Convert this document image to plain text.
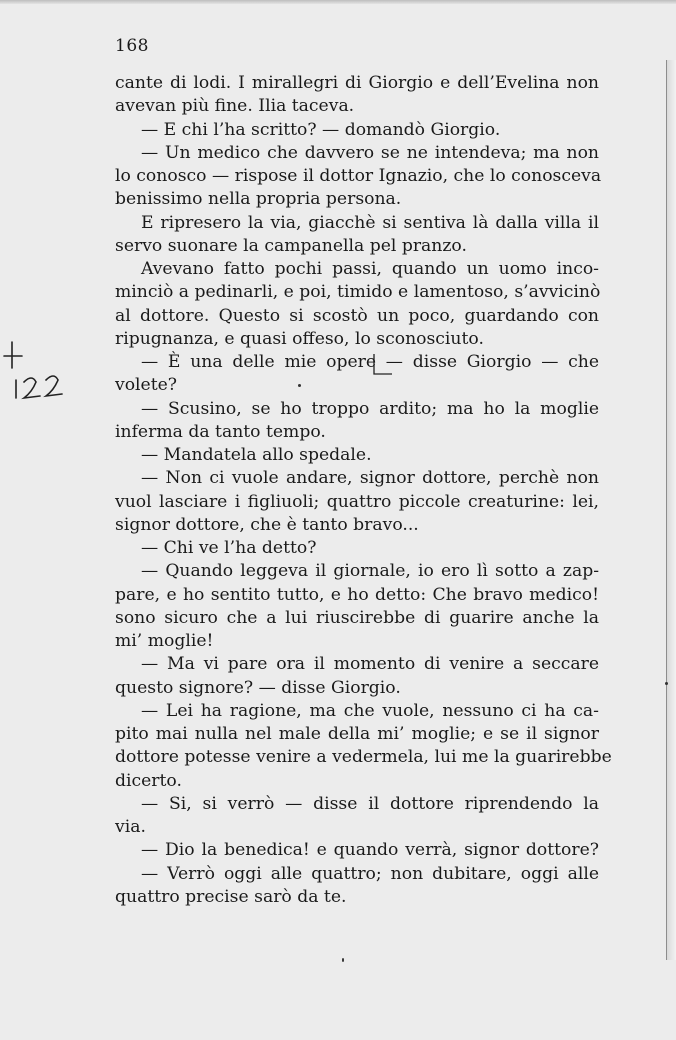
168
cante di lodi. I mirallegri di Giorgio e dell’Evelina non
avevan più fine. Ilia taceva.
— E chi l’ha scritto? — domandò Giorgio.
— Un medico che davvero se ne intendeva; ma non
lo conosco — rispose il dottor Ignazio, che lo conosceva
benissimo nella propria persona.
E ripresero la via, giacchè si sentiva là dalla villa il
servo suonare la campanella pel pranzo.
Avevano fatto pochi passi, quando un uomo inco-
minciò a pedinarli, e poi, timido e lamentoso, s’avvicinò
al dottore. Questo si scostò un poco, guardando con
ripugnanza, e quasi offeso, lo sconosciuto.
— È una delle mie opere — disse Giorgio — che
volete?
— Scusino, se ho troppo ardito; ma ho la moglie
inferma da tanto tempo.
— Mandatela allo spedale.
— Non ci vuole andare, signor dottore, perchè non
vuol lasciare i figliuoli; quattro piccole creaturine: lei,
signor dottore, che è tanto bravo...
— Chi ve l’ha detto?
— Quando leggeva il giornale, io ero lì sotto a zap-
pare, e ho sentito tutto, e ho detto: Che bravo medico!
sono sicuro che a lui riuscirebbe di guarire anche la
mi’ moglie!
— Ma vi pare ora il momento di venire a seccare
questo signore? — disse Giorgio.
— Lei ha ragione, ma che vuole, nessuno ci ha ca-
pito mai nulla nel male della mi’ moglie; e se il signor
dottore potesse venire a vedermela, lui me la guarirebbe
dicerto.
— Si, si verrò — disse il dottore riprendendo la
via.
— Dio la benedica! e quando verrà, signor dottore?
— Verrò oggi alle quattro; non dubitare, oggi alle
quattro precise sarò da te.
